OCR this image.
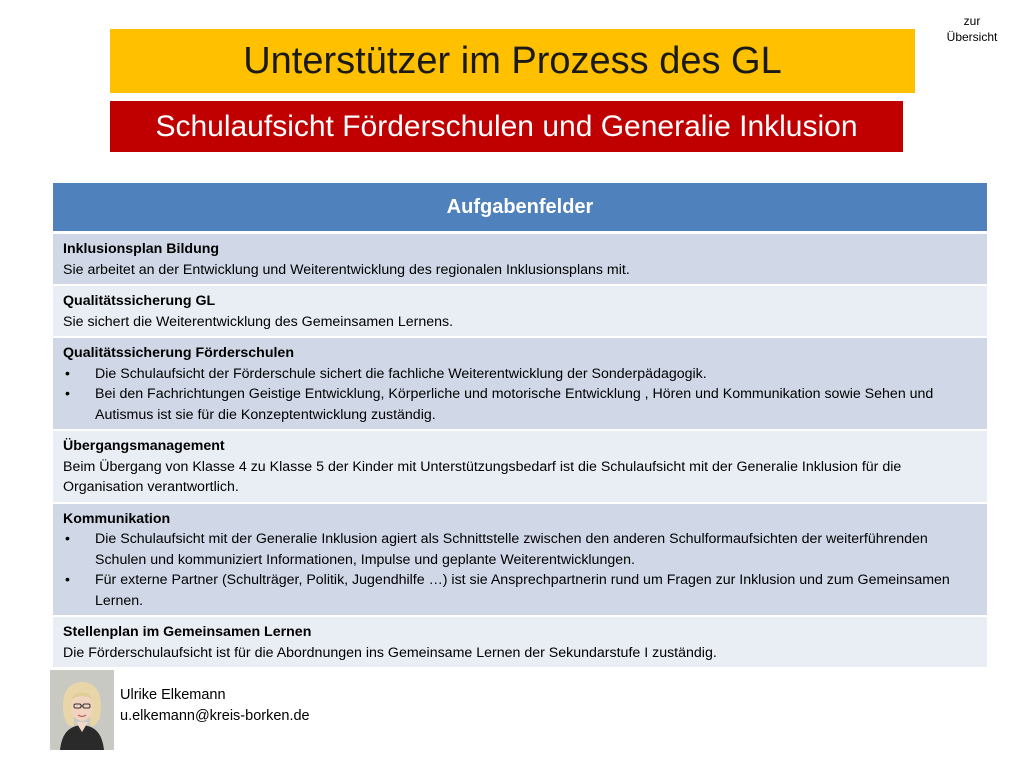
zur
Übersicht
Unterstützer im Prozess des GL
Schulaufsicht Förderschulen und Generalie Inklusion
Aufgabenfelder
Inklusionsplan Bildung
Sie arbeitet an der Entwicklung und Weiterentwicklung des regionalen Inklusionsplans mit.
Qualitätssicherung GL
Sie sichert die Weiterentwicklung des Gemeinsamen Lernens.
Qualitätssicherung Förderschulen
• Die Schulaufsicht der Förderschule sichert die fachliche Weiterentwicklung der Sonderpädagogik.
• Bei den Fachrichtungen Geistige Entwicklung, Körperliche und motorische Entwicklung , Hören und Kommunikation sowie Sehen und Autismus ist sie für die Konzeptentwicklung zuständig.
Übergangsmanagement
Beim Übergang von Klasse 4 zu Klasse 5 der Kinder mit Unterstützungsbedarf ist die Schulaufsicht mit der Generalie Inklusion für die Organisation verantwortlich.
Kommunikation
• Die Schulaufsicht mit der Generalie Inklusion agiert als Schnittstelle zwischen den anderen Schulformaufsichten der weiterführenden Schulen und kommuniziert Informationen, Impulse und geplante Weiterentwicklungen.
• Für externe Partner (Schulträger, Politik, Jugendhilfe …) ist sie Ansprechpartnerin rund um Fragen zur Inklusion und zum Gemeinsamen Lernen.
Stellenplan im Gemeinsamen Lernen
Die Förderschulaufsicht ist für die Abordnungen ins Gemeinsame Lernen der Sekundarstufe I zuständig.
Ulrike Elkemann
u.elkemann@kreis-borken.de
